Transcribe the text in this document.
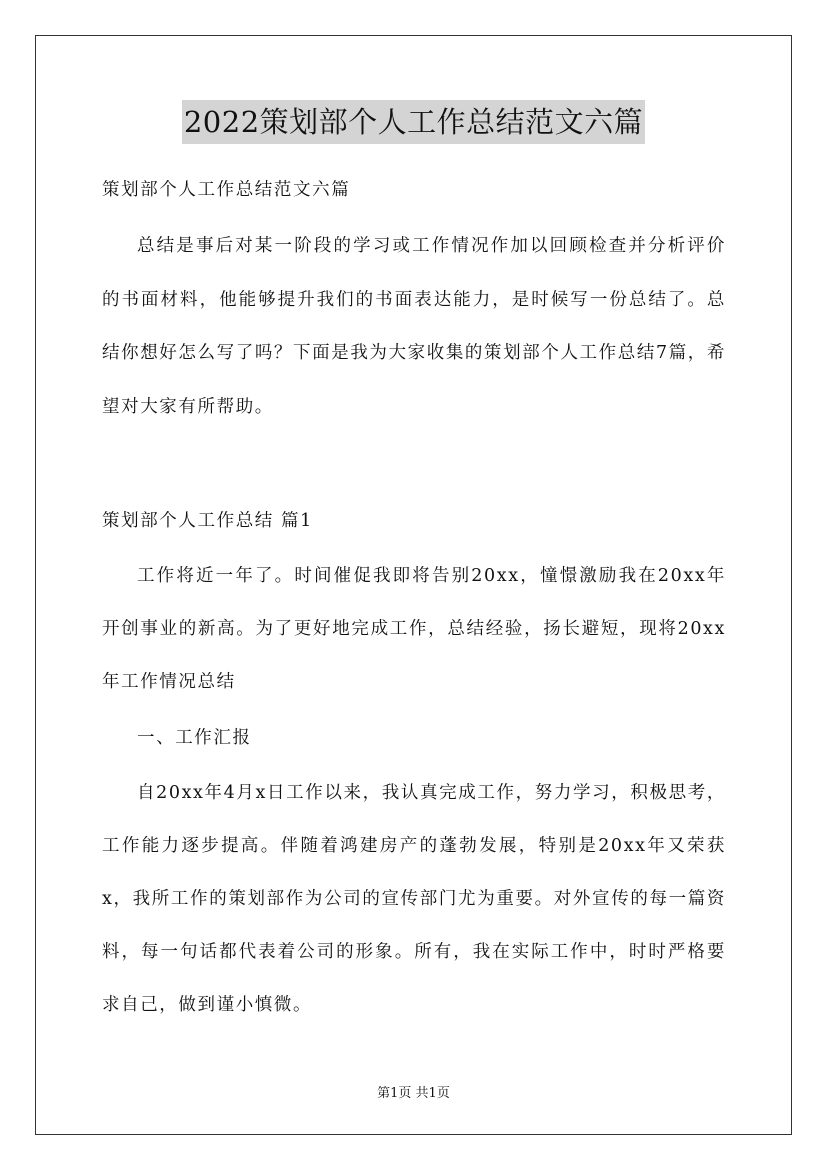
2022策划部个人工作总结范文六篇

策划部个人工作总结范文六篇

总结是事后对某一阶段的学习或工作情况作加以回顾检查并分析评价的书面材料，他能够提升我们的书面表达能力，是时候写一份总结了。总结你想好怎么写了吗？下面是我为大家收集的策划部个人工作总结7篇，希望对大家有所帮助。

策划部个人工作总结 篇1

工作将近一年了。时间催促我即将告别20xx，憧憬激励我在20xx年开创事业的新高。为了更好地完成工作，总结经验，扬长避短，现将20xx年工作情况总结

一、工作汇报

自20xx年4月x日工作以来，我认真完成工作，努力学习，积极思考，工作能力逐步提高。伴随着鸿建房产的蓬勃发展，特别是20xx年又荣获x，我所工作的策划部作为公司的宣传部门尤为重要。对外宣传的每一篇资料，每一句话都代表着公司的形象。所有，我在实际工作中，时时严格要求自己，做到谨小慎微。

第1页 共1页
